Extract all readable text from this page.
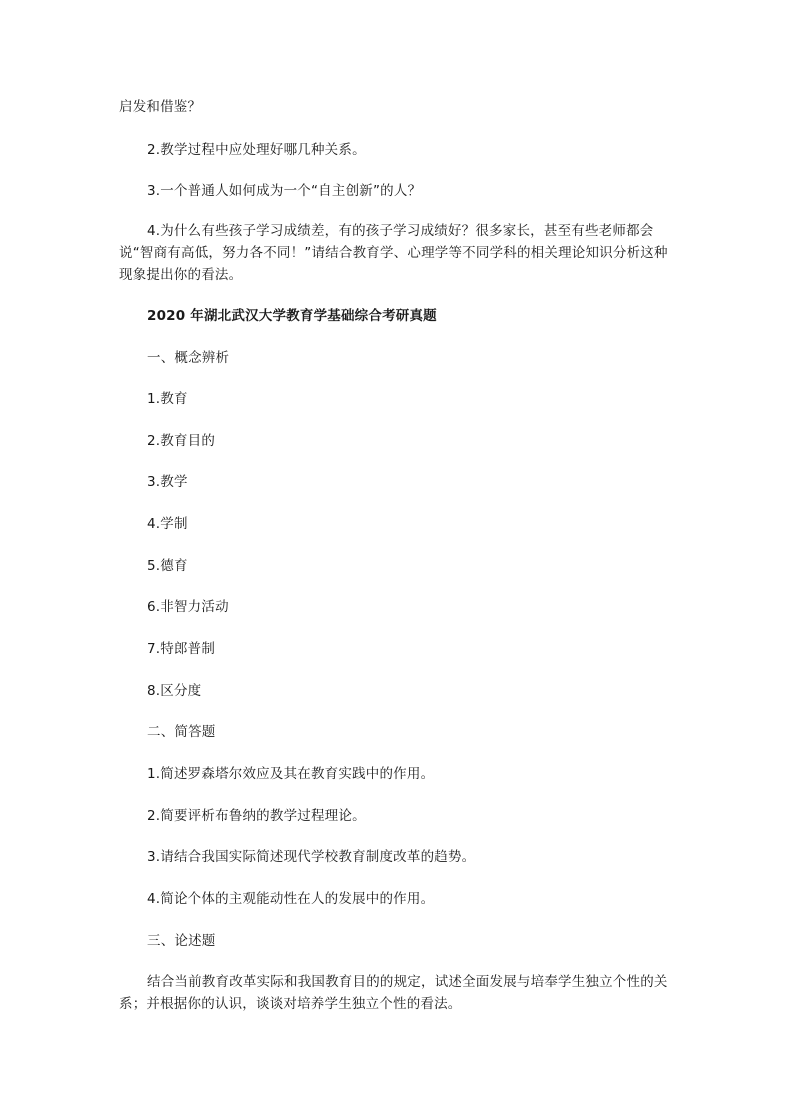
启发和借鉴？

2.教学过程中应处理好哪几种关系。

3.一个普通人如何成为一个“自主创新”的人？

4.为什么有些孩子学习成绩差，有的孩子学习成绩好？很多家长，甚至有些老师都会说“智商有高低，努力各不同！”请结合教育学、心理学等不同学科的相关理论知识分析这种现象提出你的看法。

2020 年湖北武汉大学教育学基础综合考研真题

一、概念辨析

1.教育

2.教育目的

3.教学

4.学制

5.德育

6.非智力活动

7.特郎普制

8.区分度

二、简答题

1.简述罗森塔尔效应及其在教育实践中的作用。

2.简要评析布鲁纳的教学过程理论。

3.请结合我国实际简述现代学校教育制度改革的趋势。

4.简论个体的主观能动性在人的发展中的作用。

三、论述题

结合当前教育改革实际和我国教育目的的规定，试述全面发展与培奉学生独立个性的关系；并根据你的认识，谈谈对培养学生独立个性的看法。
